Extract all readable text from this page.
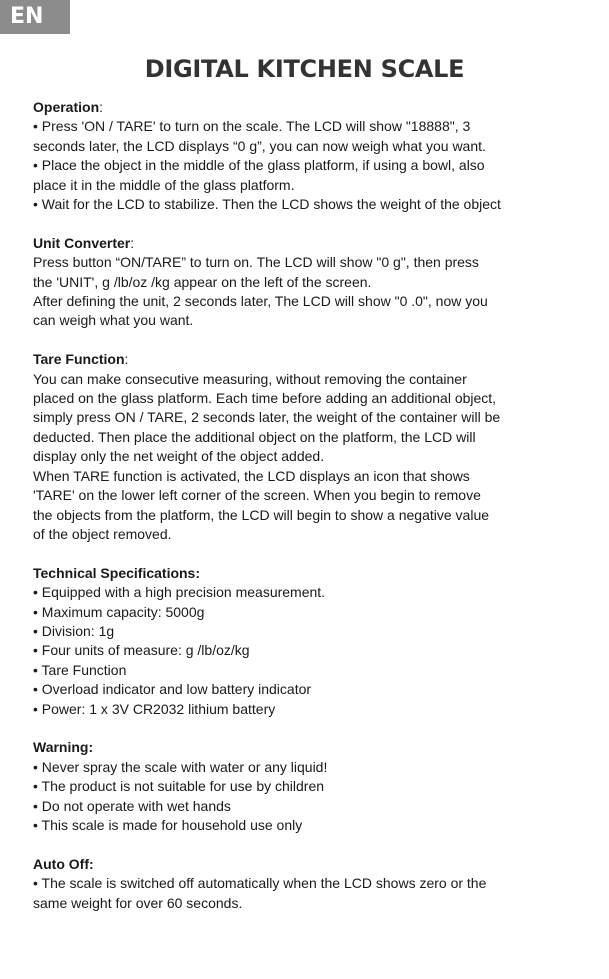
EN
DIGITAL KITCHEN SCALE
Operation:
• Press 'ON / TARE' to turn on the scale. The LCD will show "18888", 3
seconds later, the LCD displays “0 g”, you can now weigh what you want.
• Place the object in the middle of the glass platform, if using a bowl, also
place it in the middle of the glass platform.
• Wait for the LCD to stabilize. Then the LCD shows the weight of the object
Unit Converter:
Press button “ON/TARE” to turn on. The LCD will show "0 g", then press
the 'UNIT', g /lb/oz /kg appear on the left of the screen.
After defining the unit, 2 seconds later, The LCD will show "0 .0", now you
can weigh what you want.
Tare Function:
You can make consecutive measuring, without removing the container
placed on the glass platform. Each time before adding an additional object,
simply press ON / TARE, 2 seconds later, the weight of the container will be
deducted. Then place the additional object on the platform, the LCD will
display only the net weight of the object added.
When TARE function is activated, the LCD displays an icon that shows
'TARE' on the lower left corner of the screen. When you begin to remove
the objects from the platform, the LCD will begin to show a negative value
of the object removed.
Technical Specifications:
• Equipped with a high precision measurement.
• Maximum capacity: 5000g
• Division: 1g
• Four units of measure: g /lb/oz/kg
• Tare Function
• Overload indicator and low battery indicator
• Power: 1 x 3V CR2032 lithium battery
Warning:
• Never spray the scale with water or any liquid!
• The product is not suitable for use by children
• Do not operate with wet hands
• This scale is made for household use only
Auto Off:
• The scale is switched off automatically when the LCD shows zero or the
same weight for over 60 seconds.
